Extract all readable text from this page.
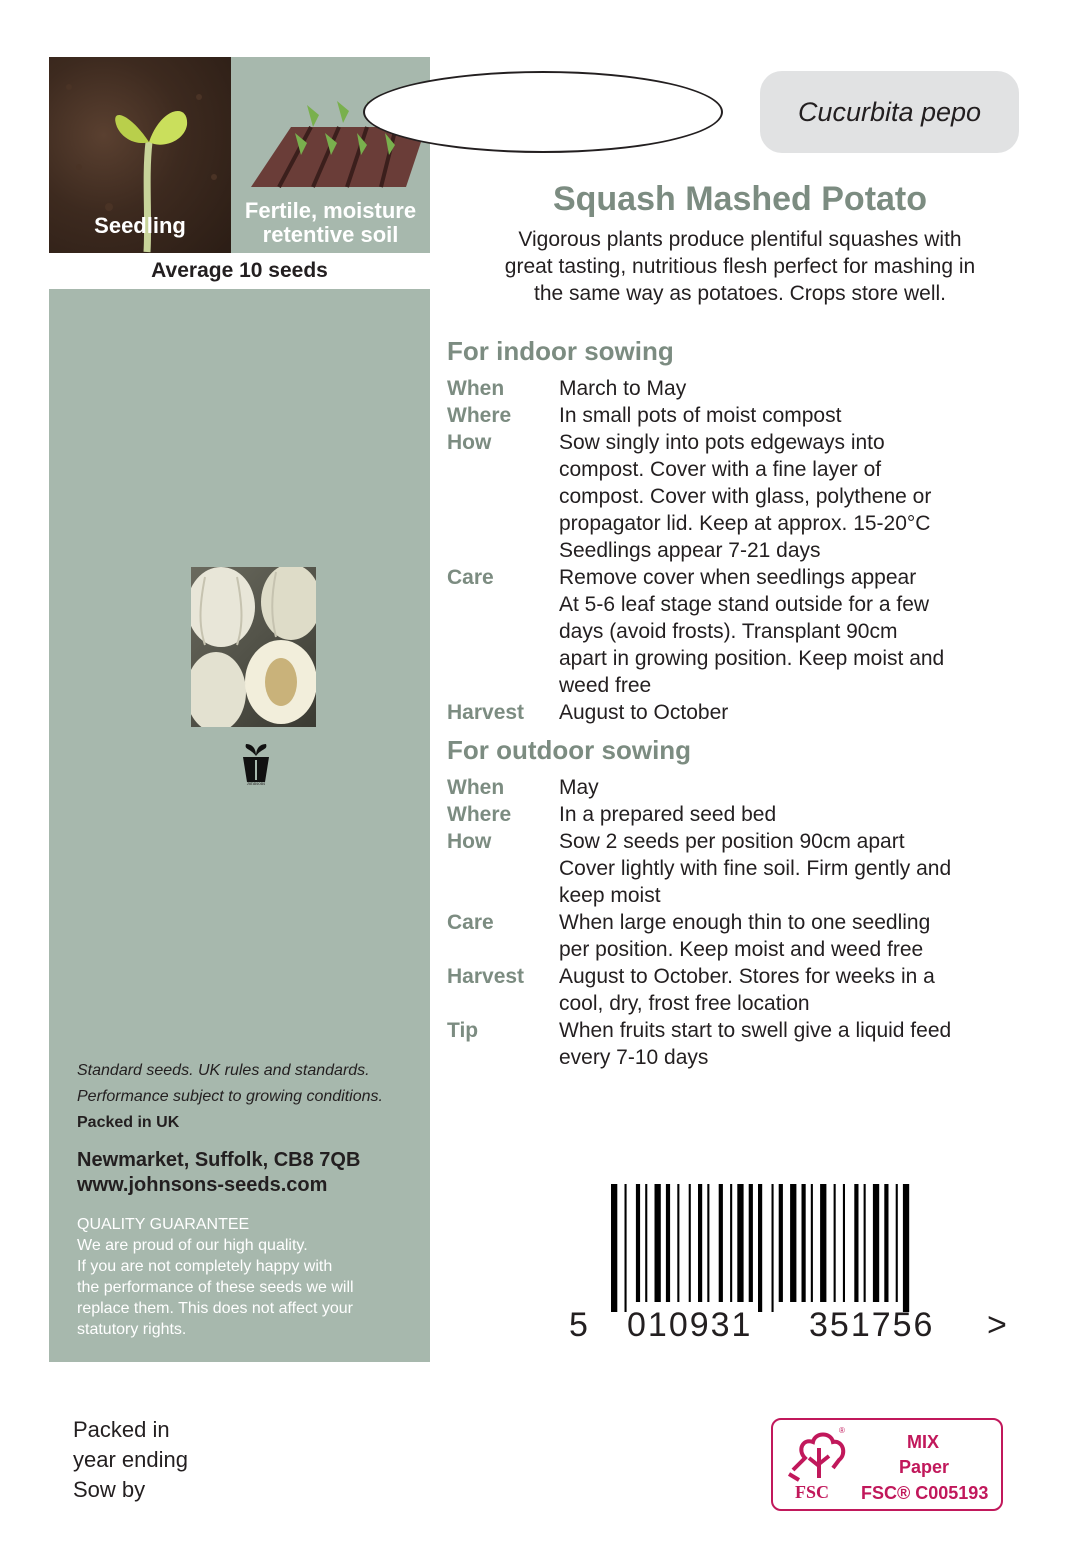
Seedling
Fertile, moisture
retentive soil
Average 10 seeds
Johnsons
Standard seeds. UK rules and standards.
Performance subject to growing conditions.
Packed in UK
Newmarket, Suffolk, CB8 7QB
www.johnsons-seeds.com
QUALITY GUARANTEE
We are proud of our high quality.
If you are not completely happy with
the performance of these seeds we will
replace them. This does not affect your
statutory rights.
Cucurbita pepo
Squash Mashed Potato
Vigorous plants produce plentiful squashes with
great tasting, nutritious flesh perfect for mashing in
the same way as potatoes. Crops store well.
For indoor sowing
When	March to May
Where	In small pots of moist compost
How	Sow singly into pots edgeways into
compost. Cover with a fine layer of
compost. Cover with glass, polythene or
propagator lid. Keep at approx. 15-20°C
Seedlings appear 7-21 days
Care	Remove cover when seedlings appear
At 5-6 leaf stage stand outside for a few
days (avoid frosts). Transplant 90cm
apart in growing position. Keep moist and
weed free
Harvest	August to October
For outdoor sowing
When	May
Where	In a prepared seed bed
How	Sow 2 seeds per position 90cm apart
Cover lightly with fine soil. Firm gently and
keep moist
Care	When large enough thin to one seedling
per position. Keep moist and weed free
Harvest	August to October. Stores for weeks in a
cool, dry, frost free location
Tip	When fruits start to swell give a liquid feed
every 7-10 days
5 010931 351756 >
Packed in
year ending
Sow by
®
FSC
MIX
Paper
FSC® C005193
